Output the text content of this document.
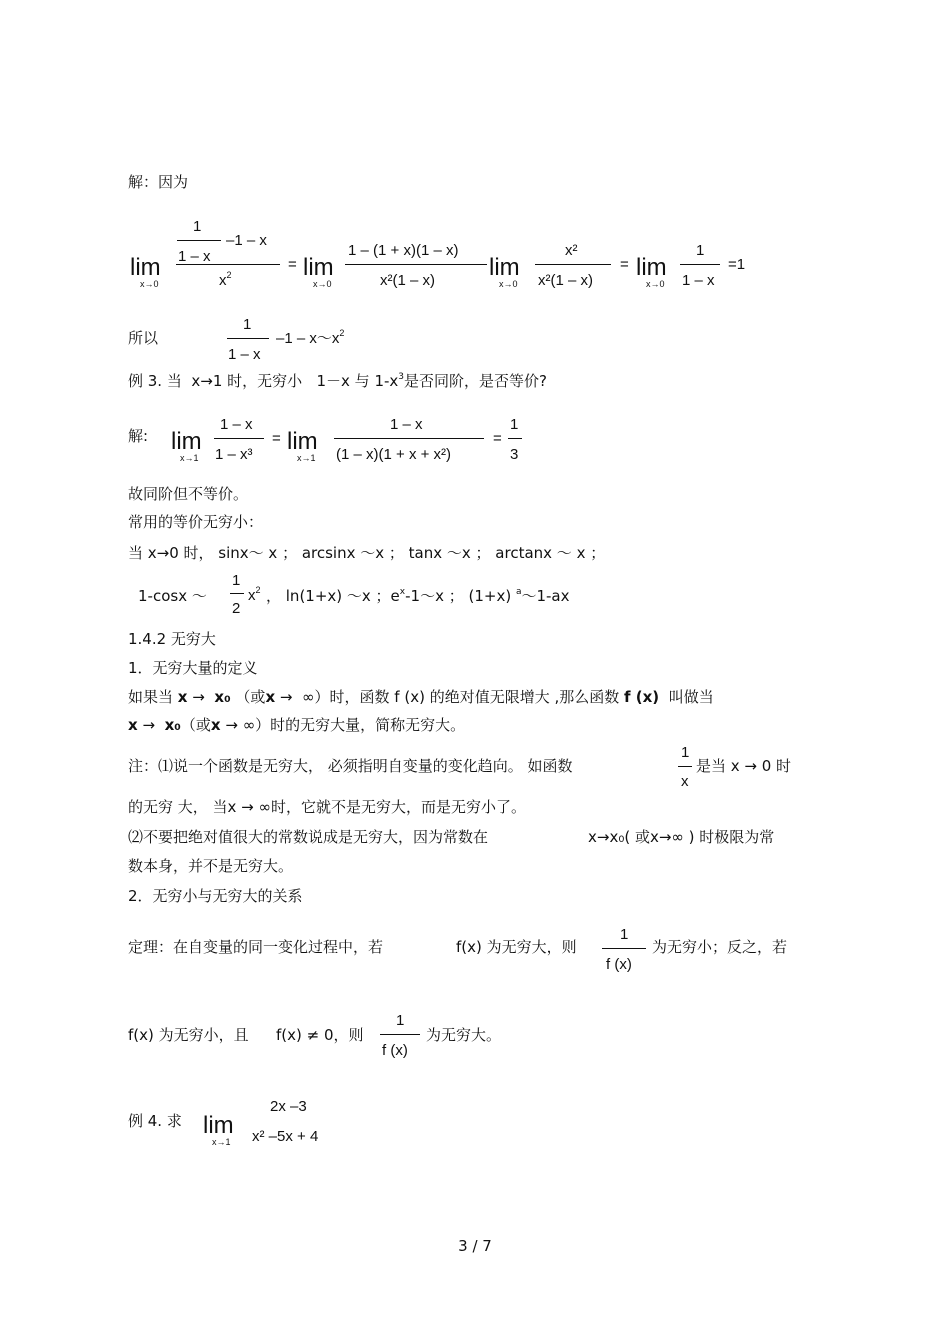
解：因为
lim
x→0
1
1 – x
–1 – x
$x^2$
= lim
x→0
1 – (1 + x)(1 – x)
x²(1 – x) lim
x→0
x²
x²(1 – x)
= lim
x→0
1
1 – x
=1
所以
1
1 – x
$-1 - x\sim x^2$
例 3. 当 x→1 时，无穷小 1－x 与 $1-x^3$是否同阶，是否等价?
解: lim
x→1
1 – x
1 – x³
= lim
x→1
1 – x
(1 – x)(1 + x + x²)
=
1
3
故同阶但不等价。
常用的等价无穷小：
当 x→0 时， sinx～ x ； arcsinx ～x ； tanx ～x ； arctanx ～ x ；
1-cosx ～
1
2
$x^2$ ， ln(1+x) ～x ；$e^x-1\sim x$ ； (1+x) $^a$～1-ax
1.4.2 无穷大
1．无穷大量的定义
如果当 x → x₀ （或x → ∞）时，函数 f (x) 的绝对值无限增大 ,那么函数 f (x) 叫做当
x → x₀（或x → ∞）时的无穷大量，简称无穷大。
注：⑴说一个函数是无穷大， 必须指明自变量的变化趋向。 如函数
1
x
是当 x → 0 时
的无穷 大， 当x → ∞时，它就不是无穷大，而是无穷小了。
⑵不要把绝对值很大的常数说成是无穷大，因为常数在	x→x₀( 或x→∞ ) 时极限为常
数本身，并不是无穷大。
2．无穷小与无穷大的关系
定理：在自变量的同一变化过程中，若	f(x) 为无穷大，则
1
f (x)
为无穷小；反之，若
f(x) 为无穷小，且 f(x) ≠ 0，则
1
f (x)
为无穷大。
例 4. 求 lim
x→1
2x –3
x² –5x + 4
3 / 7
